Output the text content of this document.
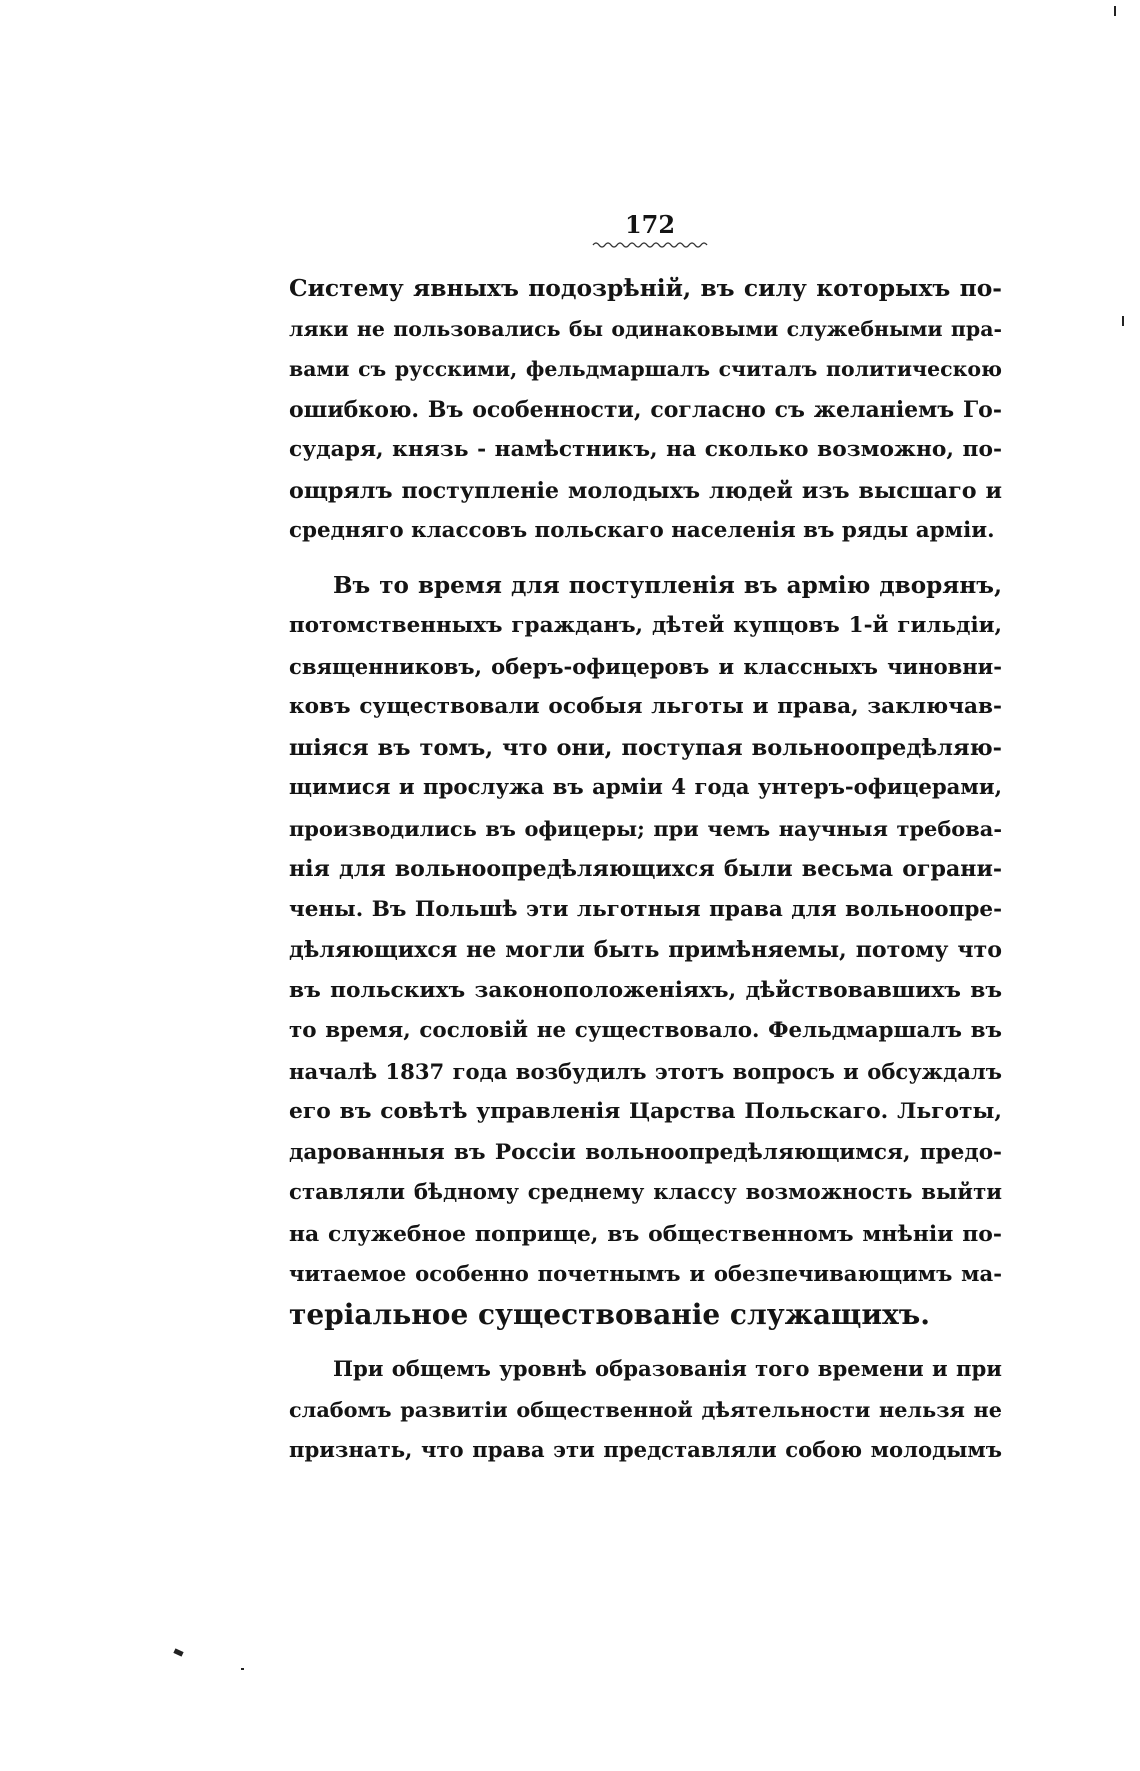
172
Систему явныхъ подозрѣній, въ силу которыхъ по-
ляки не пользовались бы одинаковыми служебными пра-
вами съ русскими, фельдмаршалъ считалъ политическою
ошибкою. Въ особенности, согласно съ желаніемъ Го-
сударя, князь - намѣстникъ, на сколько возможно, по-
ощрялъ поступленіе молодыхъ людей изъ высшаго и
средняго классовъ польскаго населенія въ ряды арміи.
Въ то время для поступленія въ армію дворянъ,
потомственныхъ гражданъ, дѣтей купцовъ 1-й гильдіи,
священниковъ, оберъ-офицеровъ и классныхъ чиновни-
ковъ существовали особыя льготы и права, заключав-
шіяся въ томъ, что они, поступая вольноопредѣляю-
щимися и прослужа въ арміи 4 года унтеръ-офицерами,
производились въ офицеры; при чемъ научныя требова-
нія для вольноопредѣляющихся были весьма ограни-
чены. Въ Польшѣ эти льготныя права для вольноопре-
дѣляющихся не могли быть примѣняемы, потому что
въ польскихъ законоположеніяхъ, дѣйствовавшихъ въ
то время, сословій не существовало. Фельдмаршалъ въ
началѣ 1837 года возбудилъ этотъ вопросъ и обсуждалъ
его въ совѣтѣ управленія Царства Польскаго. Льготы,
дарованныя въ Россіи вольноопредѣляющимся, предо-
ставляли бѣдному среднему классу возможность выйти
на служебное поприще, въ общественномъ мнѣніи по-
читаемое особенно почетнымъ и обезпечивающимъ ма-
теріальное существованіе служащихъ.
При общемъ уровнѣ образованія того времени и при
слабомъ развитіи общественной дѣятельности нельзя не
признать, что права эти представляли собою молодымъ
